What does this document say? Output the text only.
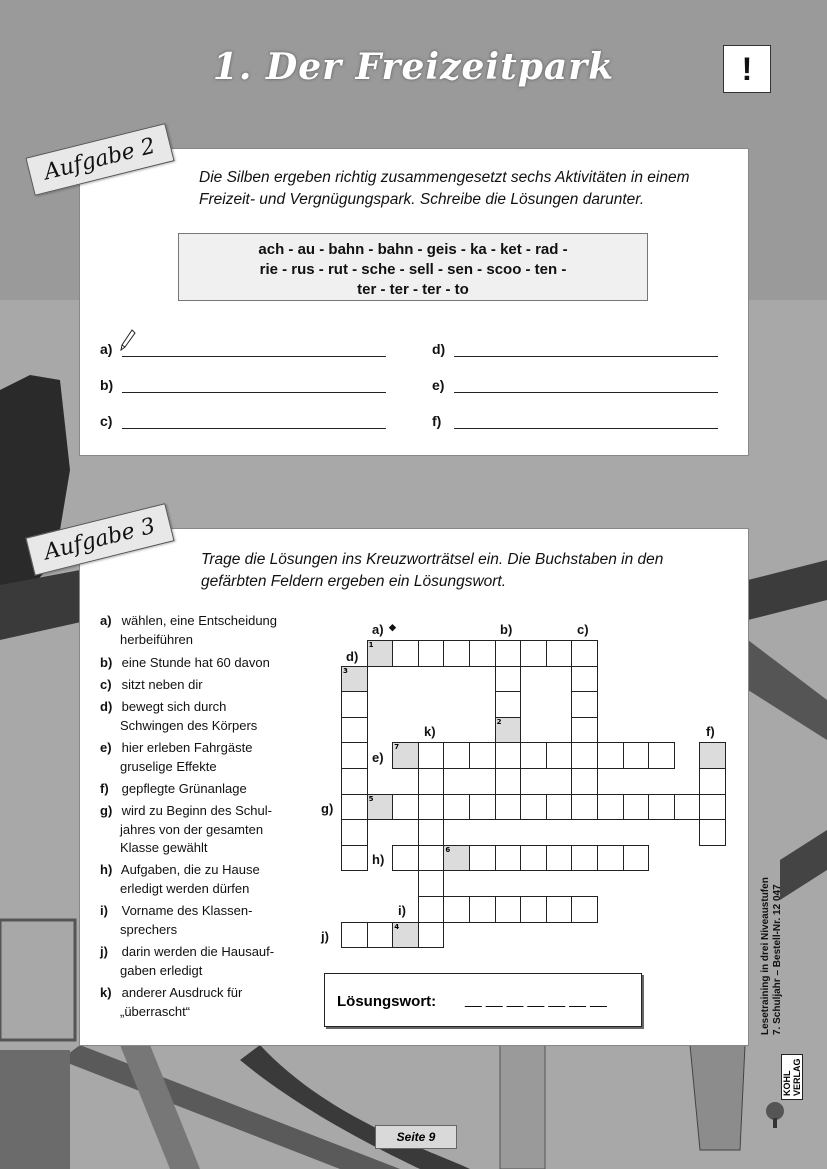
1. Der Freizeitpark	!
Die Silben ergeben richtig zusammengesetzt sechs Aktivitäten in einem
Freizeit- und Vergnügungspark. Schreibe die Lösungen darunter.
ach - au - bahn - bahn - geis - ka - ket - rad -
rie - rus - rut - sche - sell - sen - scoo - ten -
ter - ter - ter - to
a)
b)
c)
d)
e)
f)
Aufgabe 2
Trage die Lösungen ins Kreuzworträtsel ein. Die Buchstaben in den
gefärbten Feldern ergeben ein Lösungswort.
a) wählen, eine Entscheidung
herbeiführen
b) eine Stunde hat 60 davon
c) sitzt neben dir
d) bewegt sich durch
Schwingen des Körpers
e) hier erleben Fahrgäste
gruselige Effekte
f) gepflegte Grünanlage
g) wird zu Beginn des Schul-
jahres von der gesamten
Klasse gewählt
h) Aufgaben, die zu Hause
erledigt werden dürfen
i) Vorname des Klassen-
sprechers
j) darin werden die Hausauf-
gaben erledigt
k) anderer Ausdruck für
„überrascht“
1
3
2
7
5
6
4
a) ◆	b)	c)
d)
k)	f)
e)
g)
h)
i)
j)
Lösungswort: __ __ __ __ __ __ __
Aufgabe 3
Lesetraining in drei Niveaustufen 7. Schuljahr – Bestell-Nr. 12 047
KOHL VERLAG
Seite 9
